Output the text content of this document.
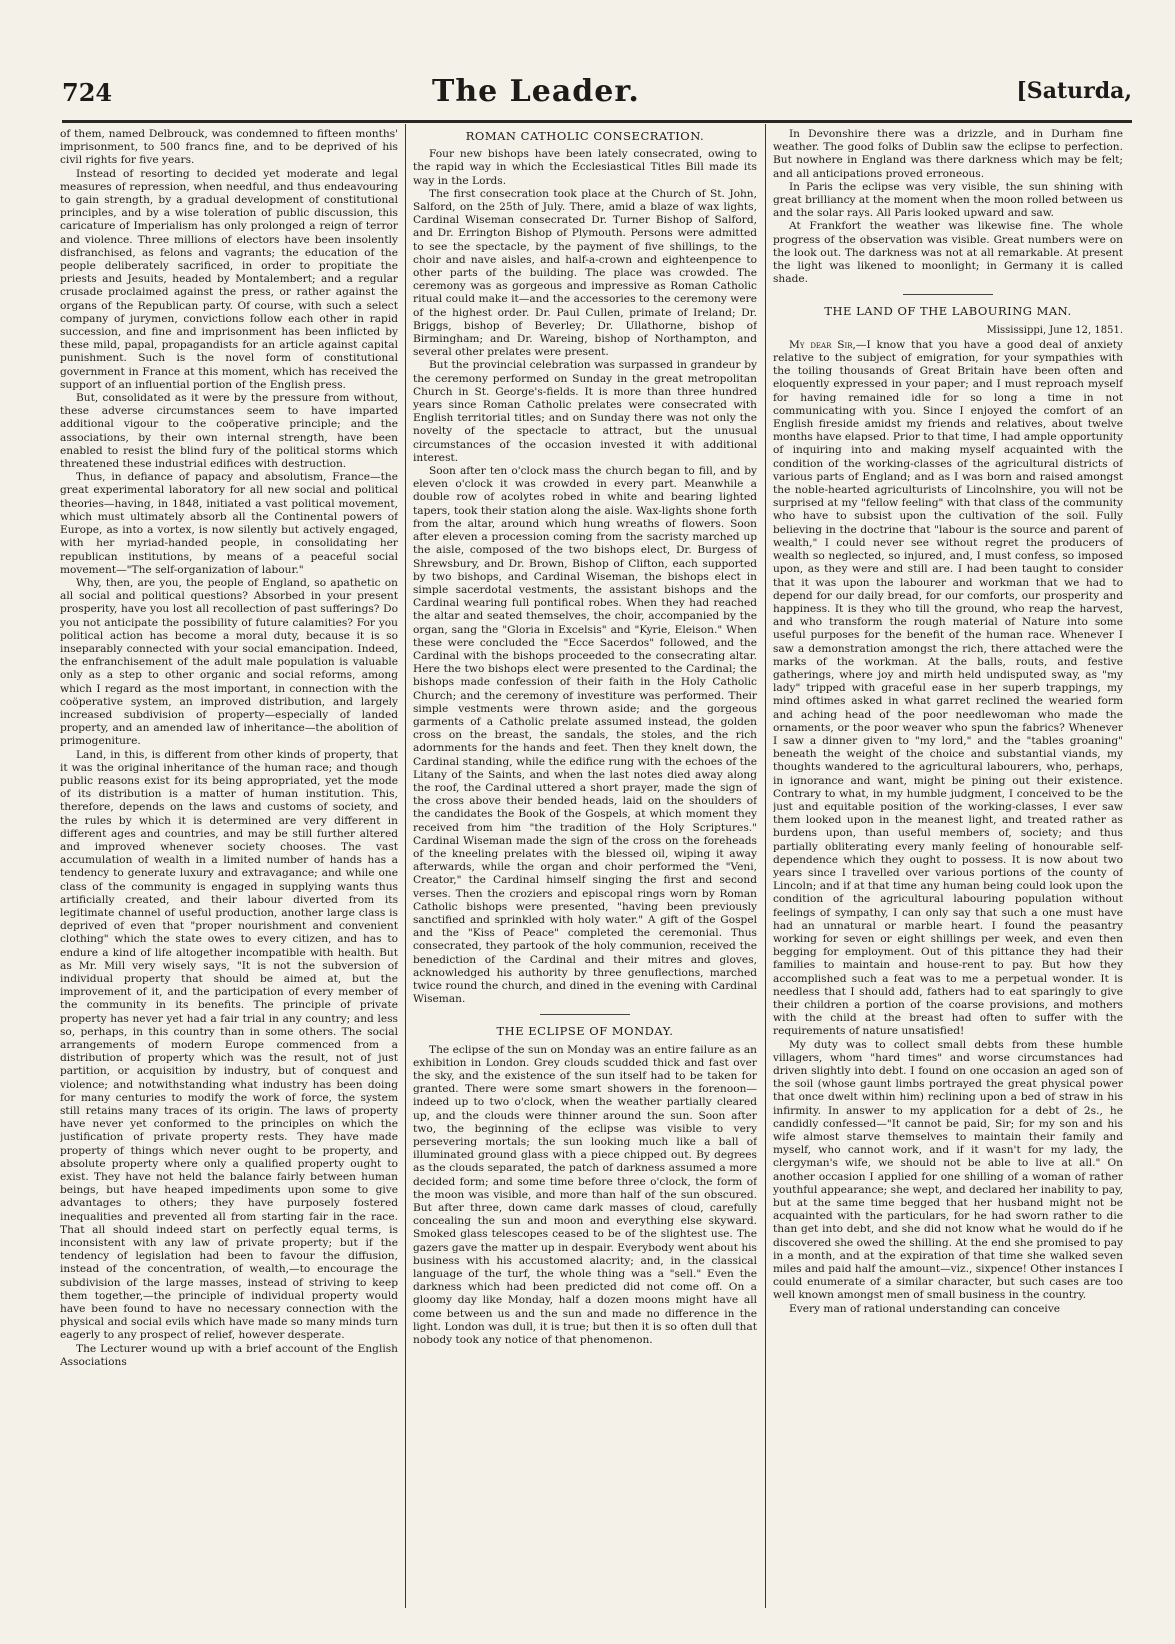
724	The Leader.	[Saturda,

of them, named Delbrouck, was condemned to fifteen months' imprisonment, to 500 francs fine, and to be deprived of his civil rights for five years.

Instead of resorting to decided yet moderate and legal measures of repression, when needful, and thus endeavouring to gain strength, by a gradual development of constitutional principles, and by a wise toleration of public discussion, this caricature of Imperialism has only prolonged a reign of terror and violence. Three millions of electors have been insolently disfranchised, as felons and vagrants; the education of the people deliberately sacrificed, in order to propitiate the priests and Jesuits, headed by Montalembert; and a regular crusade proclaimed against the press, or rather against the organs of the Republican party. Of course, with such a select company of jurymen, convictions follow each other in rapid succession, and fine and imprisonment has been inflicted by these mild, papal, propagandists for an article against capital punishment. Such is the novel form of constitutional government in France at this moment, which has received the support of an influential portion of the English press.

But, consolidated as it were by the pressure from without, these adverse circumstances seem to have imparted additional vigour to the coöperative principle; and the associations, by their own internal strength, have been enabled to resist the blind fury of the political storms which threatened these industrial edifices with destruction.

Thus, in defiance of papacy and absolutism, France—the great experimental laboratory for all new social and political theories—having, in 1848, initiated a vast political movement, which must ultimately absorb all the Continental powers of Europe, as into a vortex, is now silently but actively engaged, with her myriad-handed people, in consolidating her republican institutions, by means of a peaceful social movement—"The self-organization of labour."

Why, then, are you, the people of England, so apathetic on all social and political questions? Absorbed in your present prosperity, have you lost all recollection of past sufferings? Do you not anticipate the possibility of future calamities? For you political action has become a moral duty, because it is so inseparably connected with your social emancipation. Indeed, the enfranchisement of the adult male population is valuable only as a step to other organic and social reforms, among which I regard as the most important, in connection with the coöperative system, an improved distribution, and largely increased subdivision of property—especially of landed property, and an amended law of inheritance—the abolition of primogeniture.

Land, in this, is different from other kinds of property, that it was the original inheritance of the human race; and though public reasons exist for its being appropriated, yet the mode of its distribution is a matter of human institution. This, therefore, depends on the laws and customs of society, and the rules by which it is determined are very different in different ages and countries, and may be still further altered and improved whenever society chooses. The vast accumulation of wealth in a limited number of hands has a tendency to generate luxury and extravagance; and while one class of the community is engaged in supplying wants thus artificially created, and their labour diverted from its legitimate channel of useful production, another large class is deprived of even that "proper nourishment and convenient clothing" which the state owes to every citizen, and has to endure a kind of life altogether incompatible with health. But as Mr. Mill very wisely says, "It is not the subversion of individual property that should be aimed at, but the improvement of it, and the participation of every member of the community in its benefits. The principle of private property has never yet had a fair trial in any country; and less so, perhaps, in this country than in some others. The social arrangements of modern Europe commenced from a distribution of property which was the result, not of just partition, or acquisition by industry, but of conquest and violence; and notwithstanding what industry has been doing for many centuries to modify the work of force, the system still retains many traces of its origin. The laws of property have never yet conformed to the principles on which the justification of private property rests. They have made property of things which never ought to be property, and absolute property where only a qualified property ought to exist. They have not held the balance fairly between human beings, but have heaped impediments upon some to give advantages to others; they have purposely fostered inequalities and prevented all from starting fair in the race. That all should indeed start on perfectly equal terms, is inconsistent with any law of private property; but if the tendency of legislation had been to favour the diffusion, instead of the concentration, of wealth,—to encourage the subdivision of the large masses, instead of striving to keep them together,—the principle of individual property would have been found to have no necessary connection with the physical and social evils which have made so many minds turn eagerly to any prospect of relief, however desperate.

The Lecturer wound up with a brief account of the English Associations

ROMAN CATHOLIC CONSECRATION.

Four new bishops have been lately consecrated, owing to the rapid way in which the Ecclesiastical Titles Bill made its way in the Lords.

The first consecration took place at the Church of St. John, Salford, on the 25th of July. There, amid a blaze of wax lights, Cardinal Wiseman consecrated Dr. Turner Bishop of Salford, and Dr. Errington Bishop of Plymouth. Persons were admitted to see the spectacle, by the payment of five shillings, to the choir and nave aisles, and half-a-crown and eighteenpence to other parts of the building. The place was crowded. The ceremony was as gorgeous and impressive as Roman Catholic ritual could make it—and the accessories to the ceremony were of the highest order. Dr. Paul Cullen, primate of Ireland; Dr. Briggs, bishop of Beverley; Dr. Ullathorne, bishop of Birmingham; and Dr. Wareing, bishop of Northampton, and several other prelates were present.

But the provincial celebration was surpassed in grandeur by the ceremony performed on Sunday in the great metropolitan Church in St. George's-fields. It is more than three hundred years since Roman Catholic prelates were consecrated with English territorial titles; and on Sunday there was not only the novelty of the spectacle to attract, but the unusual circumstances of the occasion invested it with additional interest.

Soon after ten o'clock mass the church began to fill, and by eleven o'clock it was crowded in every part. Meanwhile a double row of acolytes robed in white and bearing lighted tapers, took their station along the aisle. Wax-lights shone forth from the altar, around which hung wreaths of flowers. Soon after eleven a procession coming from the sacristy marched up the aisle, composed of the two bishops elect, Dr. Burgess of Shrewsbury, and Dr. Brown, Bishop of Clifton, each supported by two bishops, and Cardinal Wiseman, the bishops elect in simple sacerdotal vestments, the assistant bishops and the Cardinal wearing full pontifical robes. When they had reached the altar and seated themselves, the choir, accompanied by the organ, sang the "Gloria in Excelsis" and "Kyrie, Eleison." When these were concluded the "Ecce Sacerdos" followed, and the Cardinal with the bishops proceeded to the consecrating altar. Here the two bishops elect were presented to the Cardinal; the bishops made confession of their faith in the Holy Catholic Church; and the ceremony of investiture was performed. Their simple vestments were thrown aside; and the gorgeous garments of a Catholic prelate assumed instead, the golden cross on the breast, the sandals, the stoles, and the rich adornments for the hands and feet. Then they knelt down, the Cardinal standing, while the edifice rung with the echoes of the Litany of the Saints, and when the last notes died away along the roof, the Cardinal uttered a short prayer, made the sign of the cross above their bended heads, laid on the shoulders of the candidates the Book of the Gospels, at which moment they received from him "the tradition of the Holy Scriptures." Cardinal Wiseman made the sign of the cross on the foreheads of the kneeling prelates with the blessed oil, wiping it away afterwards, while the organ and choir performed the "Veni, Creator," the Cardinal himself singing the first and second verses. Then the croziers and episcopal rings worn by Roman Catholic bishops were presented, "having been previously sanctified and sprinkled with holy water." A gift of the Gospel and the "Kiss of Peace" completed the ceremonial. Thus consecrated, they partook of the holy communion, received the benediction of the Cardinal and their mitres and gloves, acknowledged his authority by three genuflections, marched twice round the church, and dined in the evening with Cardinal Wiseman.

THE ECLIPSE OF MONDAY.

The eclipse of the sun on Monday was an entire failure as an exhibition in London. Grey clouds scudded thick and fast over the sky, and the existence of the sun itself had to be taken for granted. There were some smart showers in the forenoon—indeed up to two o'clock, when the weather partially cleared up, and the clouds were thinner around the sun. Soon after two, the beginning of the eclipse was visible to very persevering mortals; the sun looking much like a ball of illuminated ground glass with a piece chipped out. By degrees as the clouds separated, the patch of darkness assumed a more decided form; and some time before three o'clock, the form of the moon was visible, and more than half of the sun obscured. But after three, down came dark masses of cloud, carefully concealing the sun and moon and everything else skyward. Smoked glass telescopes ceased to be of the slightest use. The gazers gave the matter up in despair. Everybody went about his business with his accustomed alacrity; and, in the classical language of the turf, the whole thing was a "sell." Even the darkness which had been predicted did not come off. On a gloomy day like Monday, half a dozen moons might have all come between us and the sun and made no difference in the light. London was dull, it is true; but then it is so often dull that nobody took any notice of that phenomenon.

In Devonshire there was a drizzle, and in Durham fine weather. The good folks of Dublin saw the eclipse to perfection. But nowhere in England was there darkness which may be felt; and all anticipations proved erroneous.

In Paris the eclipse was very visible, the sun shining with great brilliancy at the moment when the moon rolled between us and the solar rays. All Paris looked upward and saw.

At Frankfort the weather was likewise fine. The whole progress of the observation was visible. Great numbers were on the look out. The darkness was not at all remarkable. At present the light was likened to moonlight; in Germany it is called shade.

THE LAND OF THE LABOURING MAN.
Mississippi, June 12, 1851.

My dear Sir,—I know that you have a good deal of anxiety relative to the subject of emigration, for your sympathies with the toiling thousands of Great Britain have been often and eloquently expressed in your paper; and I must reproach myself for having remained idle for so long a time in not communicating with you. Since I enjoyed the comfort of an English fireside amidst my friends and relatives, about twelve months have elapsed. Prior to that time, I had ample opportunity of inquiring into and making myself acquainted with the condition of the working-classes of the agricultural districts of various parts of England; and as I was born and raised amongst the noble-hearted agriculturists of Lincolnshire, you will not be surprised at my "fellow feeling" with that class of the community who have to subsist upon the cultivation of the soil. Fully believing in the doctrine that "labour is the source and parent of wealth," I could never see without regret the producers of wealth so neglected, so injured, and, I must confess, so imposed upon, as they were and still are. I had been taught to consider that it was upon the labourer and workman that we had to depend for our daily bread, for our comforts, our prosperity and happiness. It is they who till the ground, who reap the harvest, and who transform the rough material of Nature into some useful purposes for the benefit of the human race. Whenever I saw a demonstration amongst the rich, there attached were the marks of the workman. At the balls, routs, and festive gatherings, where joy and mirth held undisputed sway, as "my lady" tripped with graceful ease in her superb trappings, my mind oftimes asked in what garret reclined the wearied form and aching head of the poor needlewoman who made the ornaments, or the poor weaver who spun the fabrics? Whenever I saw a dinner given to "my lord," and the "tables groaning" beneath the weight of the choice and substantial viands, my thoughts wandered to the agricultural labourers, who, perhaps, in ignorance and want, might be pining out their existence. Contrary to what, in my humble judgment, I conceived to be the just and equitable position of the working-classes, I ever saw them looked upon in the meanest light, and treated rather as burdens upon, than useful members of, society; and thus partially obliterating every manly feeling of honourable self-dependence which they ought to possess. It is now about two years since I travelled over various portions of the county of Lincoln; and if at that time any human being could look upon the condition of the agricultural labouring population without feelings of sympathy, I can only say that such a one must have had an unnatural or marble heart. I found the peasantry working for seven or eight shillings per week, and even then begging for employment. Out of this pittance they had their families to maintain and house-rent to pay. But how they accomplished such a feat was to me a perpetual wonder. It is needless that I should add, fathers had to eat sparingly to give their children a portion of the coarse provisions, and mothers with the child at the breast had often to suffer with the requirements of nature unsatisfied!

My duty was to collect small debts from these humble villagers, whom "hard times" and worse circumstances had driven slightly into debt. I found on one occasion an aged son of the soil (whose gaunt limbs portrayed the great physical power that once dwelt within him) reclining upon a bed of straw in his infirmity. In answer to my application for a debt of 2s., he candidly confessed—"It cannot be paid, Sir; for my son and his wife almost starve themselves to maintain their family and myself, who cannot work, and if it wasn't for my lady, the clergyman's wife, we should not be able to live at all." On another occasion I applied for one shilling of a woman of rather youthful appearance; she wept, and declared her inability to pay, but at the same time begged that her husband might not be acquainted with the particulars, for he had sworn rather to die than get into debt, and she did not know what he would do if he discovered she owed the shilling. At the end she promised to pay in a month, and at the expiration of that time she walked seven miles and paid half the amount—viz., sixpence! Other instances I could enumerate of a similar character, but such cases are too well known amongst men of small business in the country.

Every man of rational understanding can conceive
